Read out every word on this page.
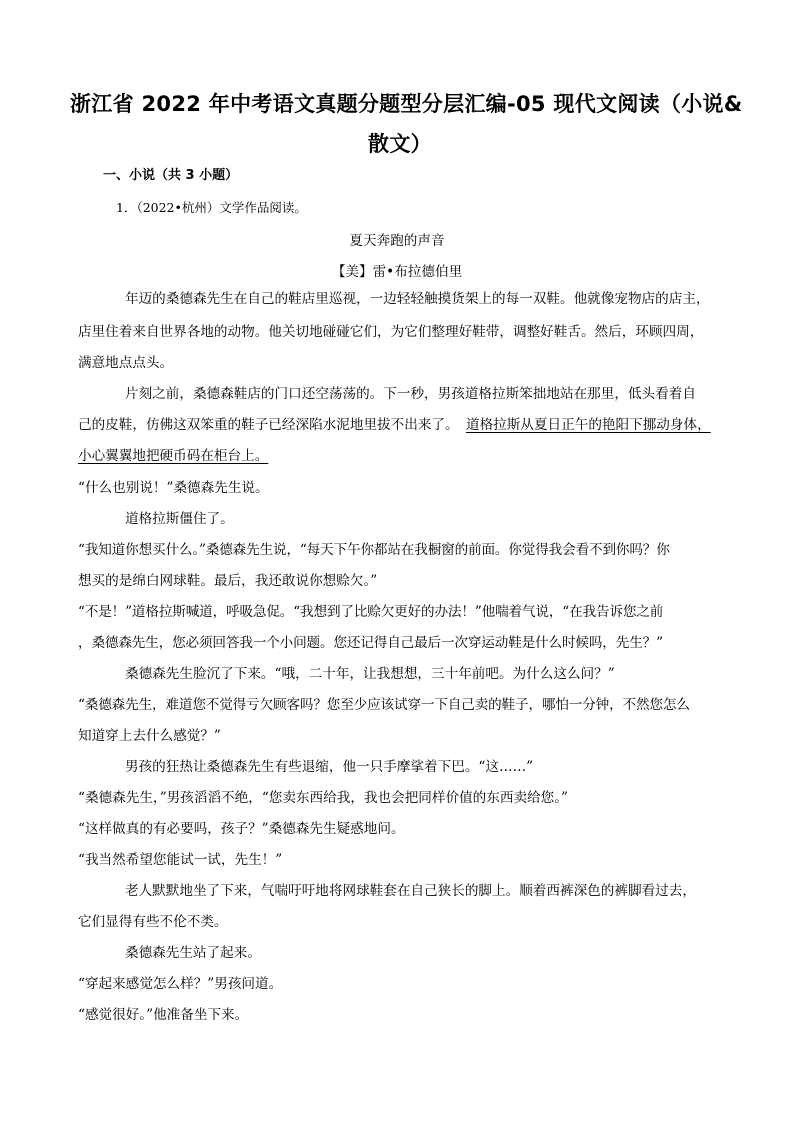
浙江省 2022 年中考语文真题分题型分层汇编-05 现代文阅读（小说&
散文）
一、小说（共 3 小题）
1．（2022•杭州）文学作品阅读。
夏天奔跑的声音
【美】雷•布拉德伯里
年迈的桑德森先生在自己的鞋店里巡视，一边轻轻触摸货架上的每一双鞋。他就像宠物店的店主，
店里住着来自世界各地的动物。他关切地碰碰它们，为它们整理好鞋带，调整好鞋舌。然后，环顾四周，
满意地点点头。
片刻之前，桑德森鞋店的门口还空荡荡的。下一秒，男孩道格拉斯笨拙地站在那里，低头看着自
己的皮鞋，仿佛这双笨重的鞋子已经深陷水泥地里拔不出来了。 道格拉斯从夏日正午的艳阳下挪动身体，
小心翼翼地把硬币码在柜台上。
“什么也别说！”桑德森先生说。
道格拉斯僵住了。
“我知道你想买什么。”桑德森先生说，“每天下午你都站在我橱窗的前面。你觉得我会看不到你吗？你
想买的是绵白网球鞋。最后，我还敢说你想赊欠。”
“不是！”道格拉斯喊道，呼吸急促。“我想到了比赊欠更好的办法！”他喘着气说，“在我告诉您之前
，桑德森先生，您必须回答我一个小问题。您还记得自己最后一次穿运动鞋是什么时候吗，先生？”
桑德森先生脸沉了下来。“哦，二十年，让我想想，三十年前吧。为什么这么问？”
“桑德森先生，难道您不觉得亏欠顾客吗？您至少应该试穿一下自己卖的鞋子，哪怕一分钟，不然您怎么
知道穿上去什么感觉？”
男孩的狂热让桑德森先生有些退缩，他一只手摩挲着下巴。“这……”
“桑德森先生，”男孩滔滔不绝，“您卖东西给我，我也会把同样价值的东西卖给您。”
“这样做真的有必要吗，孩子？”桑德森先生疑惑地问。
“我当然希望您能试一试，先生！”
老人默默地坐了下来，气喘吁吁地将网球鞋套在自己狭长的脚上。顺着西裤深色的裤脚看过去，
它们显得有些不伦不类。
桑德森先生站了起来。
“穿起来感觉怎么样？”男孩问道。
“感觉很好。”他准备坐下来。
